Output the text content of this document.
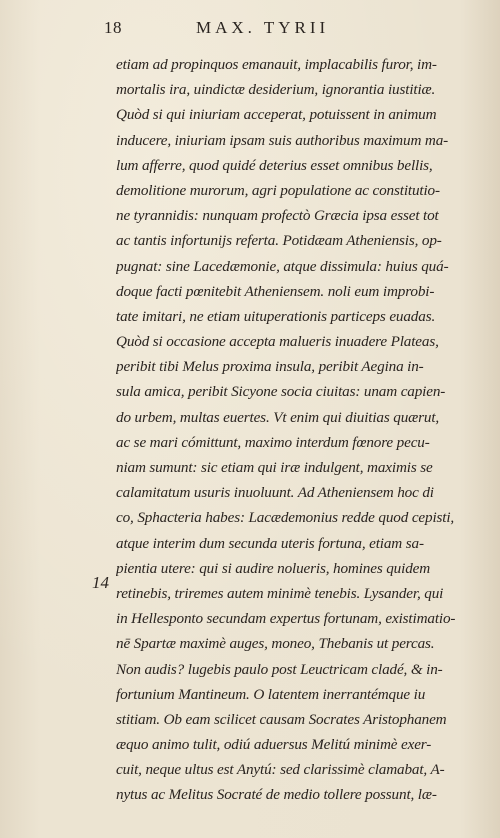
18	MAX. TYRII
14
etiam ad propinquos emanauit, implacabilis furor, im-
mortalis ira, uindictæ desiderium, ignorantia iustitiæ.
Quòd si qui iniuriam acceperat, potuissent in animum
inducere, iniuriam ipsam suis authoribus maximum ma-
lum afferre, quod quidé deterius esset omnibus bellis,
demolitione murorum, agri populatione ac constitutio-
ne tyrannidis: nunquam profectò Græcia ipsa esset tot
ac tantis infortunijs referta. Potidæam Atheniensis, op-
pugnat: sine Lacedæmonie, atque dissimula: huius quá-
doque facti pœnitebit Atheniensem. noli eum improbi-
tate imitari, ne etiam uituperationis particeps euadas.
Quòd si occasione accepta malueris inuadere Plateas,
peribit tibi Melus proxima insula, peribit Aegina in-
sula amica, peribit Sicyone socia ciuitas: unam capien-
do urbem, multas euertes. Vt enim qui diuitias quærut,
ac se mari cómittunt, maximo interdum fœnore pecu-
niam sumunt: sic etiam qui iræ indulgent, maximis se
calamitatum usuris inuoluunt. Ad Atheniensem hoc di
co, Sphacteria habes: Lacædemonius redde quod cepisti,
atque interim dum secunda uteris fortuna, etiam sa-
pientia utere: qui si audire nolueris, homines quidem
retinebis, triremes autem minimè tenebis. Lysander, qui
in Hellesponto secundam expertus fortunam, existimatio-
nē Spartæ maximè auges, moneo, Thebanis ut percas.
Non audis? lugebis paulo post Leuctricam cladé, & in-
fortunium Mantineum. O latentem inerrantémque iu
stitiam. Ob eam scilicet causam Socrates Aristophanem
æquo animo tulit, odiú aduersus Melitú minimè exer-
cuit, neque ultus est Anytú: sed clarissimè clamabat, A-
nytus ac Melitus Socraté de medio tollere possunt, læ-
